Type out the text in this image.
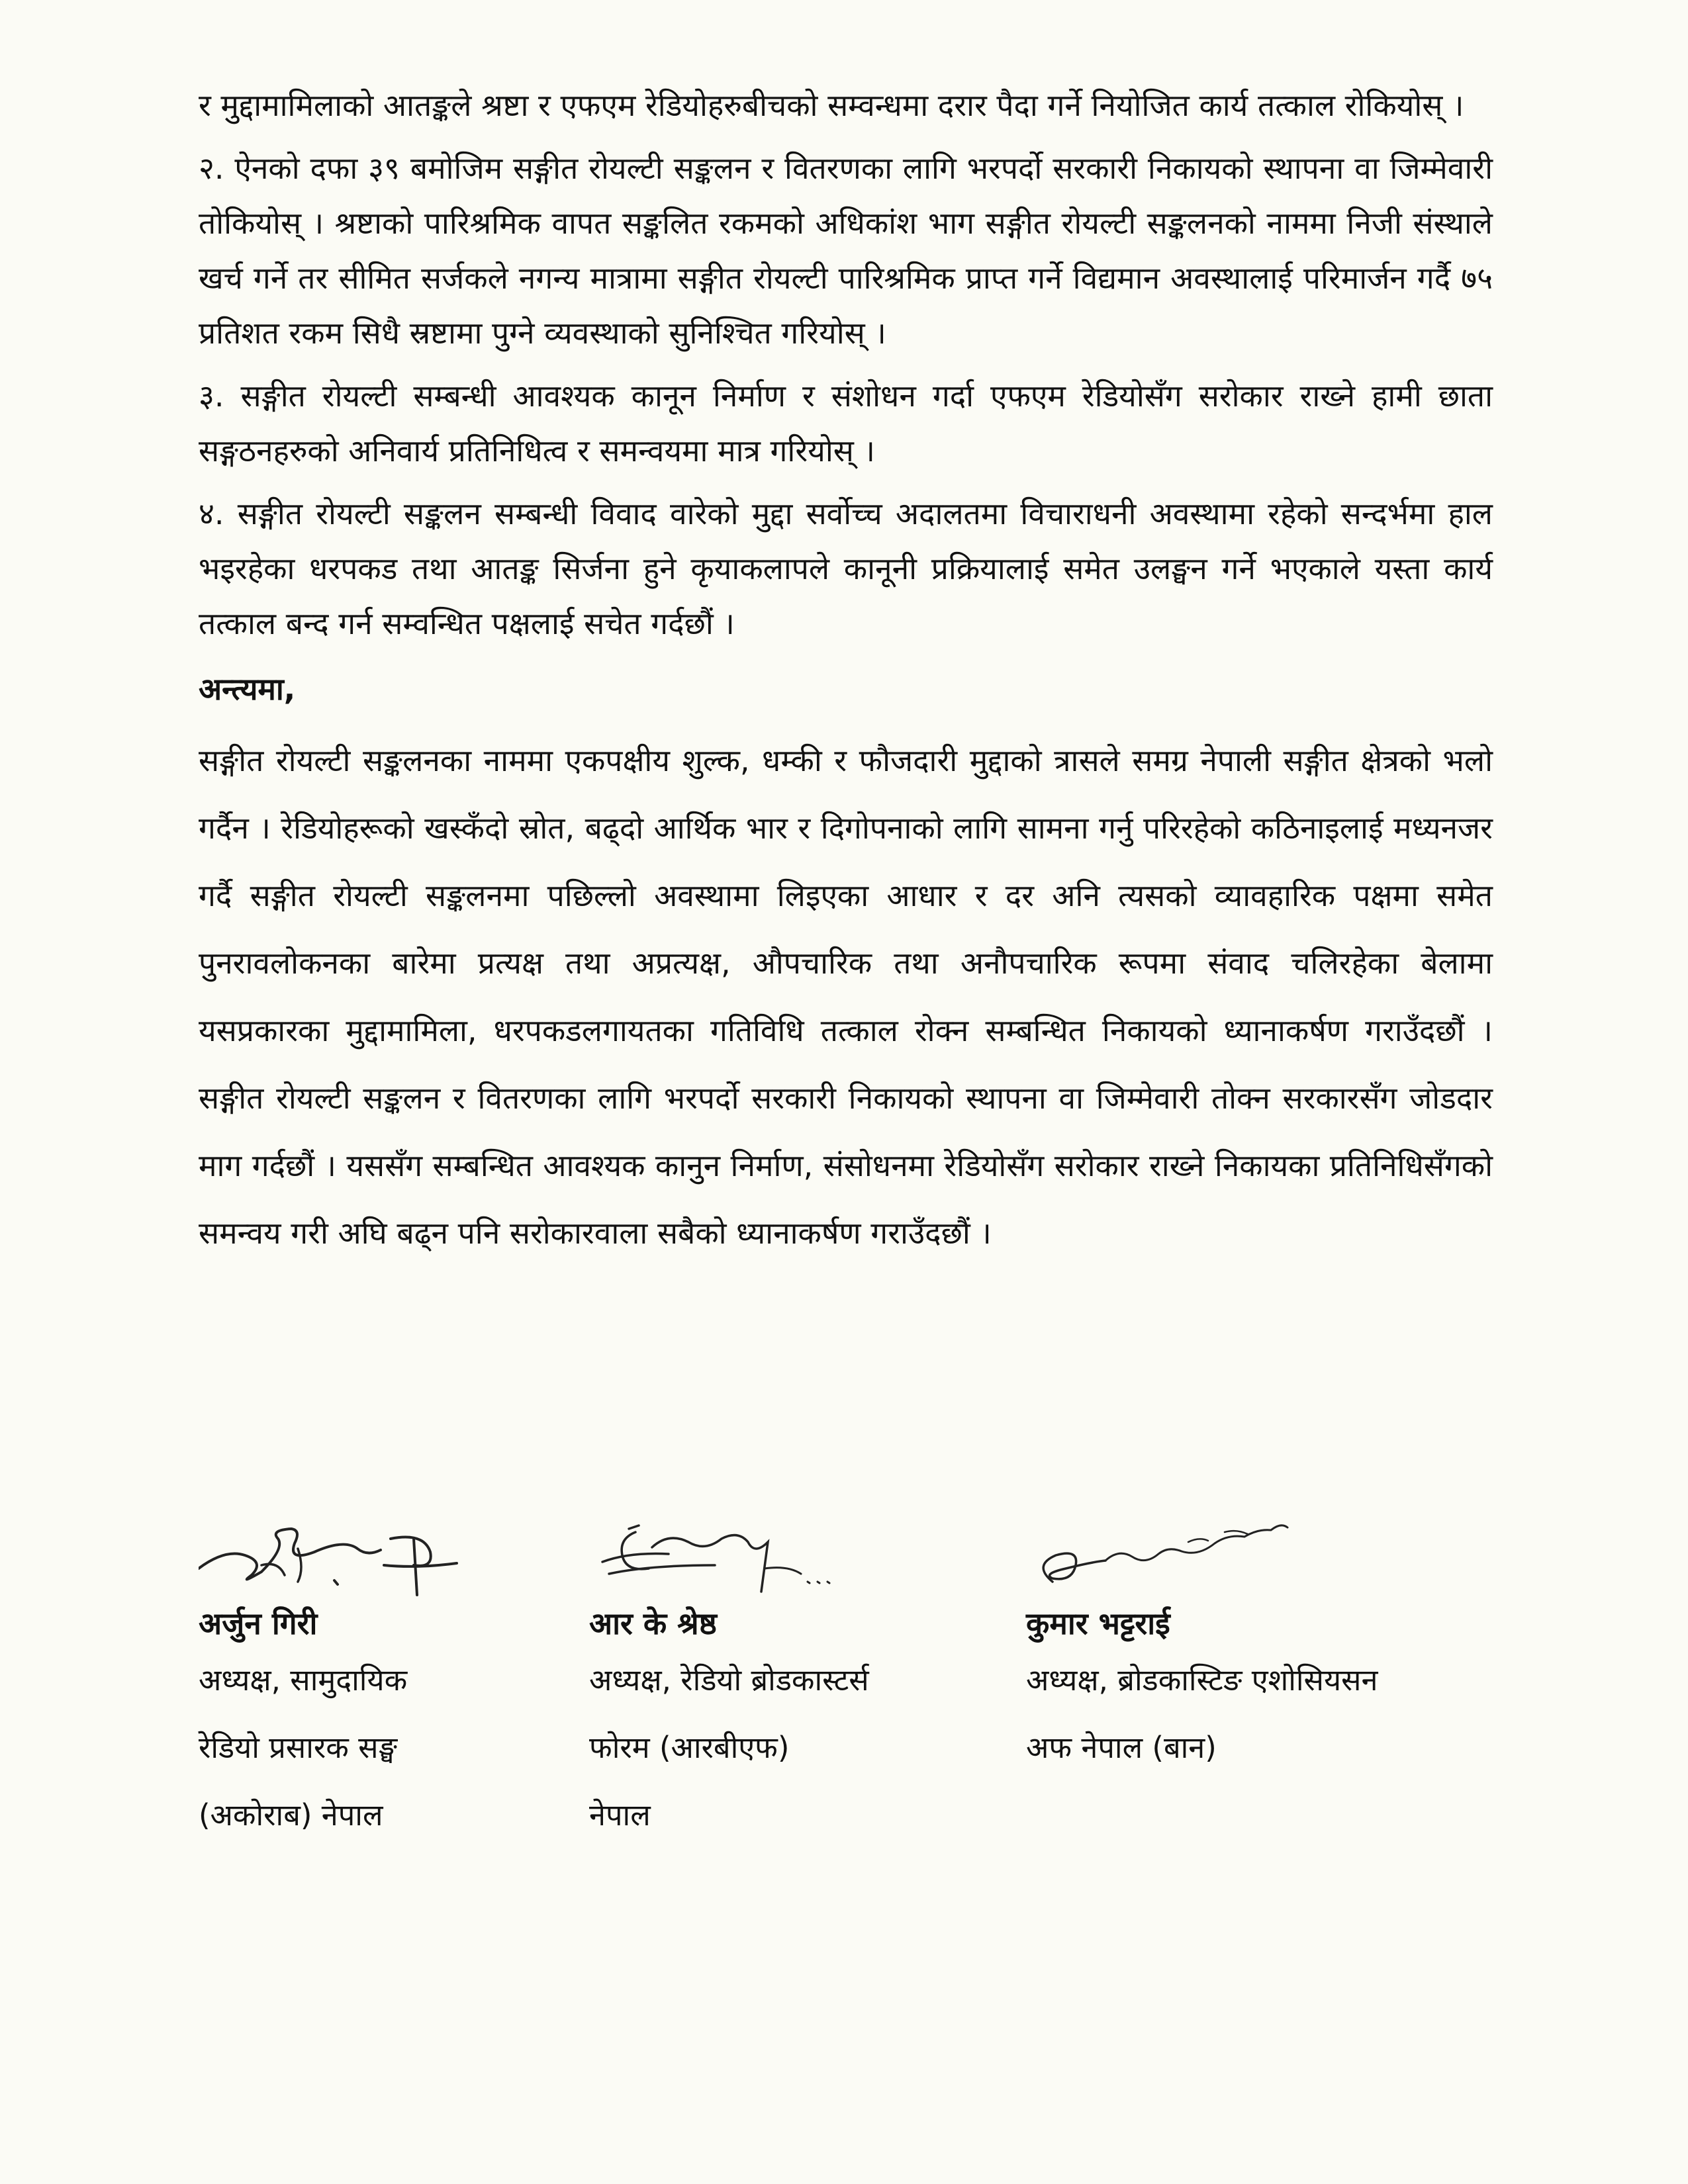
र मुद्दामामिलाको आतङ्कले श्रष्टा र एफएम रेडियोहरुबीचको सम्वन्धमा दरार पैदा गर्ने नियोजित कार्य तत्काल रोकियोस् ।

२. ऐनको दफा ३९ बमोजिम सङ्गीत रोयल्टी सङ्कलन र वितरणका लागि भरपर्दो सरकारी निकायको स्थापना वा जिम्मेवारी तोकियोस् । श्रष्टाको पारिश्रमिक वापत सङ्कलित रकमको अधिकांश भाग सङ्गीत रोयल्टी सङ्कलनको नाममा निजी संस्थाले खर्च गर्ने तर सीमित सर्जकले नगन्य मात्रामा सङ्गीत रोयल्टी पारिश्रमिक प्राप्त गर्ने विद्यमान अवस्थालाई परिमार्जन गर्दै ७५ प्रतिशत रकम सिधै स्रष्टामा पुग्ने व्यवस्थाको सुनिश्चित गरियोस् ।

३. सङ्गीत रोयल्टी सम्बन्धी आवश्यक कानून निर्माण र संशोधन गर्दा एफएम रेडियोसँग सरोकार राख्ने हामी छाता सङ्गठनहरुको अनिवार्य प्रतिनिधित्व र समन्वयमा मात्र गरियोस् ।

४. सङ्गीत रोयल्टी सङ्कलन सम्बन्धी विवाद वारेको मुद्दा सर्वोच्च अदालतमा विचाराधनी अवस्थामा रहेको सन्दर्भमा हाल भइरहेका धरपकड तथा आतङ्क सिर्जना हुने कृयाकलापले कानूनी प्रक्रियालाई समेत उलङ्घन गर्ने भएकाले यस्ता कार्य तत्काल बन्द गर्न सम्वन्धित पक्षलाई सचेत गर्दछौं ।

अन्त्यमा,

सङ्गीत रोयल्टी सङ्कलनका नाममा एकपक्षीय शुल्क, धम्की र फौजदारी मुद्दाको त्रासले समग्र नेपाली सङ्गीत क्षेत्रको भलो गर्दैन । रेडियोहरूको खस्कँदो स्रोत, बढ्दो आर्थिक भार र दिगोपनाको लागि सामना गर्नु परिरहेको कठिनाइलाई मध्यनजर गर्दै सङ्गीत रोयल्टी सङ्कलनमा पछिल्लो अवस्थामा लिइएका आधार र दर अनि त्यसको व्यावहारिक पक्षमा समेत पुनरावलोकनका बारेमा प्रत्यक्ष तथा अप्रत्यक्ष, औपचारिक तथा अनौपचारिक रूपमा संवाद चलिरहेका बेलामा यसप्रकारका मुद्दामामिला, धरपकडलगायतका गतिविधि तत्काल रोक्न सम्बन्धित निकायको ध्यानाकर्षण गराउँदछौं । सङ्गीत रोयल्टी सङ्कलन र वितरणका लागि भरपर्दो सरकारी निकायको स्थापना वा जिम्मेवारी तोक्न सरकारसँग जोडदार माग गर्दछौं । यससँग सम्बन्धित आवश्यक कानुन निर्माण, संसोधनमा रेडियोसँग सरोकार राख्ने निकायका प्रतिनिधिसँगको समन्वय गरी अघि बढ्न पनि सरोकारवाला सबैको ध्यानाकर्षण गराउँदछौं ।

अर्जुन गिरी
अध्यक्ष, सामुदायिक
रेडियो प्रसारक सङ्घ
(अकोराब) नेपाल
आर के श्रेष्ठ
अध्यक्ष, रेडियो ब्रोडकास्टर्स
फोरम (आरबीएफ)
नेपाल
कुमार भट्टराई
अध्यक्ष, ब्रोडकास्टिङ एशोसियसन
अफ नेपाल (बान)
